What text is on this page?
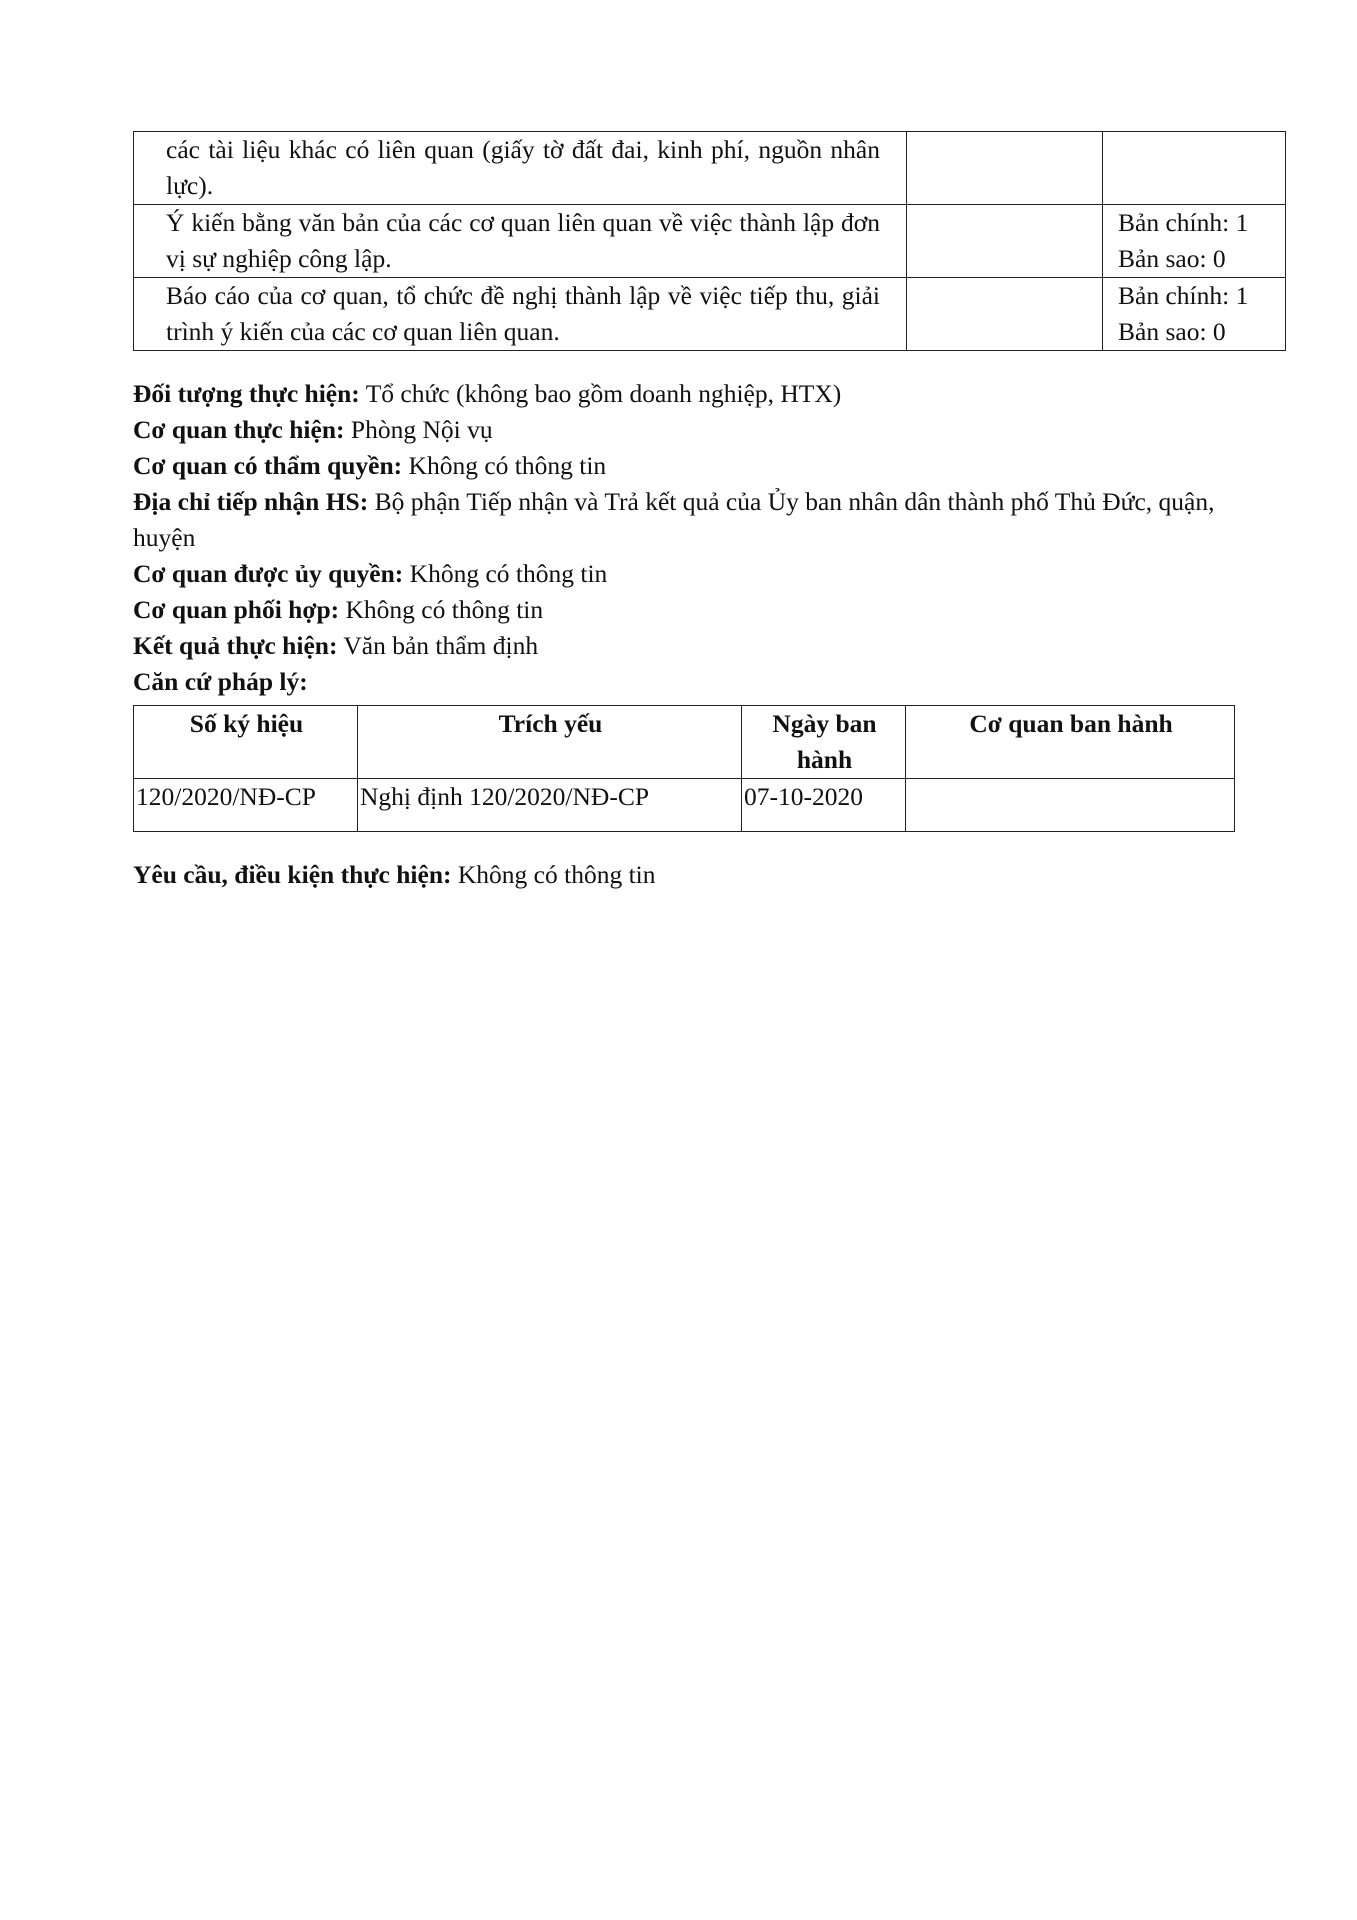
các tài liệu khác có liên quan (giấy tờ đất đai, kinh phí, nguồn nhân lực).		

Ý kiến bằng văn bản của các cơ quan liên quan về việc thành lập đơn vị sự nghiệp công lập.		Bản chính: 1
Bản sao: 0

Báo cáo của cơ quan, tổ chức đề nghị thành lập về việc tiếp thu, giải trình ý kiến của các cơ quan liên quan.		Bản chính: 1
Bản sao: 0

Đối tượng thực hiện: Tổ chức (không bao gồm doanh nghiệp, HTX)

Cơ quan thực hiện: Phòng Nội vụ

Cơ quan có thẩm quyền: Không có thông tin

Địa chỉ tiếp nhận HS: Bộ phận Tiếp nhận và Trả kết quả của Ủy ban nhân dân thành phố Thủ Đức, quận, huyện

Cơ quan được ủy quyền: Không có thông tin

Cơ quan phối hợp: Không có thông tin

Kết quả thực hiện: Văn bản thẩm định

Căn cứ pháp lý:

Số ký hiệu	Trích yếu	Ngày ban hành	Cơ quan ban hành
120/2020/NĐ-CP	Nghị định 120/2020/NĐ-CP	07-10-2020	
Yêu cầu, điều kiện thực hiện: Không có thông tin
